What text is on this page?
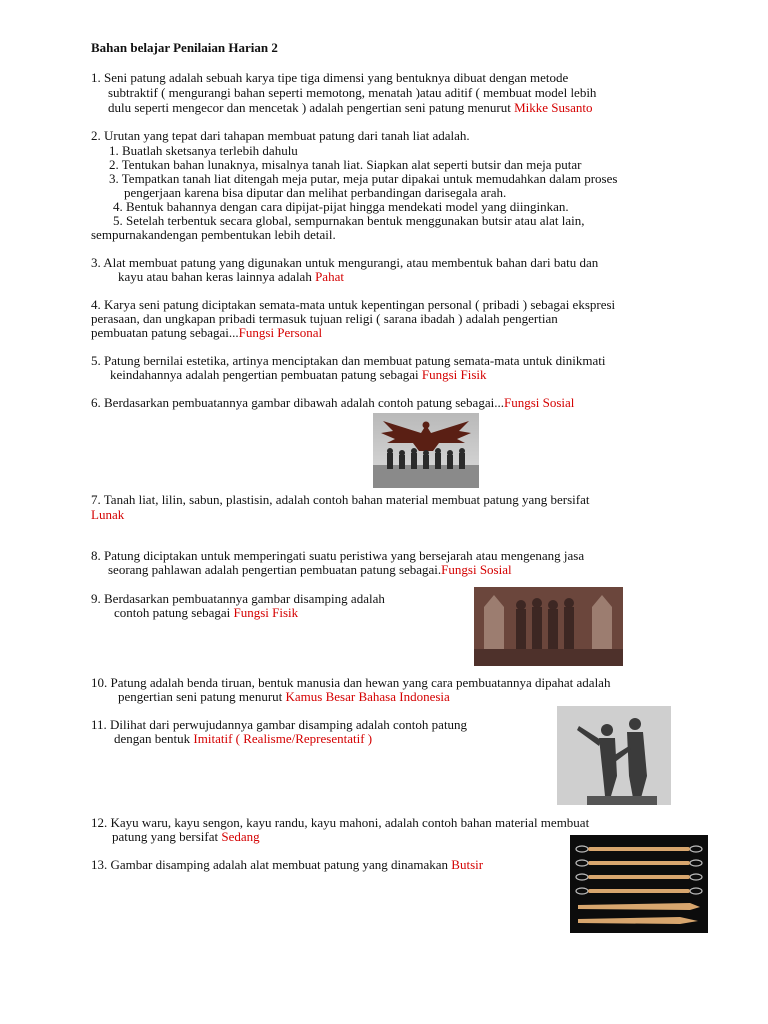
Bahan belajar Penilaian Harian 2
1. Seni patung adalah sebuah karya tipe tiga dimensi yang bentuknya dibuat dengan metode
subtraktif ( mengurangi bahan seperti memotong, menatah )atau aditif ( membuat model lebih
dulu seperti mengecor dan mencetak ) adalah pengertian seni patung menurut Mikke Susanto
2. Urutan yang tepat dari tahapan membuat patung dari tanah liat adalah.
1. Buatlah sketsanya terlebih dahulu
2. Tentukan bahan lunaknya, misalnya tanah liat. Siapkan alat seperti butsir dan meja putar
3. Tempatkan tanah liat ditengah meja putar, meja putar dipakai untuk memudahkan dalam proses
pengerjaan karena bisa diputar dan melihat perbandingan darisegala arah.
4. Bentuk bahannya dengan cara dipijat-pijat hingga mendekati model yang diinginkan.
5. Setelah terbentuk secara global, sempurnakan bentuk menggunakan butsir atau alat lain,
sempurnakandengan pembentukan lebih detail.
3. Alat membuat patung yang digunakan untuk mengurangi, atau membentuk bahan dari batu dan
kayu atau bahan keras lainnya adalah Pahat
4. Karya seni patung diciptakan semata-mata untuk kepentingan personal ( pribadi ) sebagai ekspresi
perasaan, dan ungkapan pribadi termasuk tujuan religi ( sarana ibadah ) adalah pengertian
pembuatan patung sebagai...Fungsi Personal
5. Patung bernilai estetika, artinya menciptakan dan membuat patung semata-mata untuk dinikmati
keindahannya adalah pengertian pembuatan patung sebagai Fungsi Fisik
6. Berdasarkan pembuatannya gambar dibawah adalah contoh patung sebagai...Fungsi Sosial
7. Tanah liat, lilin, sabun, plastisin, adalah contoh bahan material membuat patung yang bersifat
Lunak
8. Patung diciptakan untuk memperingati suatu peristiwa yang bersejarah atau mengenang jasa
seorang pahlawan adalah pengertian pembuatan patung sebagai.Fungsi Sosial
9. Berdasarkan pembuatannya gambar disamping adalah
contoh patung sebagai Fungsi Fisik
10. Patung adalah benda tiruan, bentuk manusia dan hewan yang cara pembuatannya dipahat adalah
pengertian seni patung menurut Kamus Besar Bahasa Indonesia
11. Dilihat dari perwujudannya gambar disamping adalah contoh patung
dengan bentuk Imitatif ( Realisme/Representatif )
12. Kayu waru, kayu sengon, kayu randu, kayu mahoni, adalah contoh bahan material membuat
patung yang bersifat Sedang
13. Gambar disamping adalah alat membuat patung yang dinamakan Butsir
